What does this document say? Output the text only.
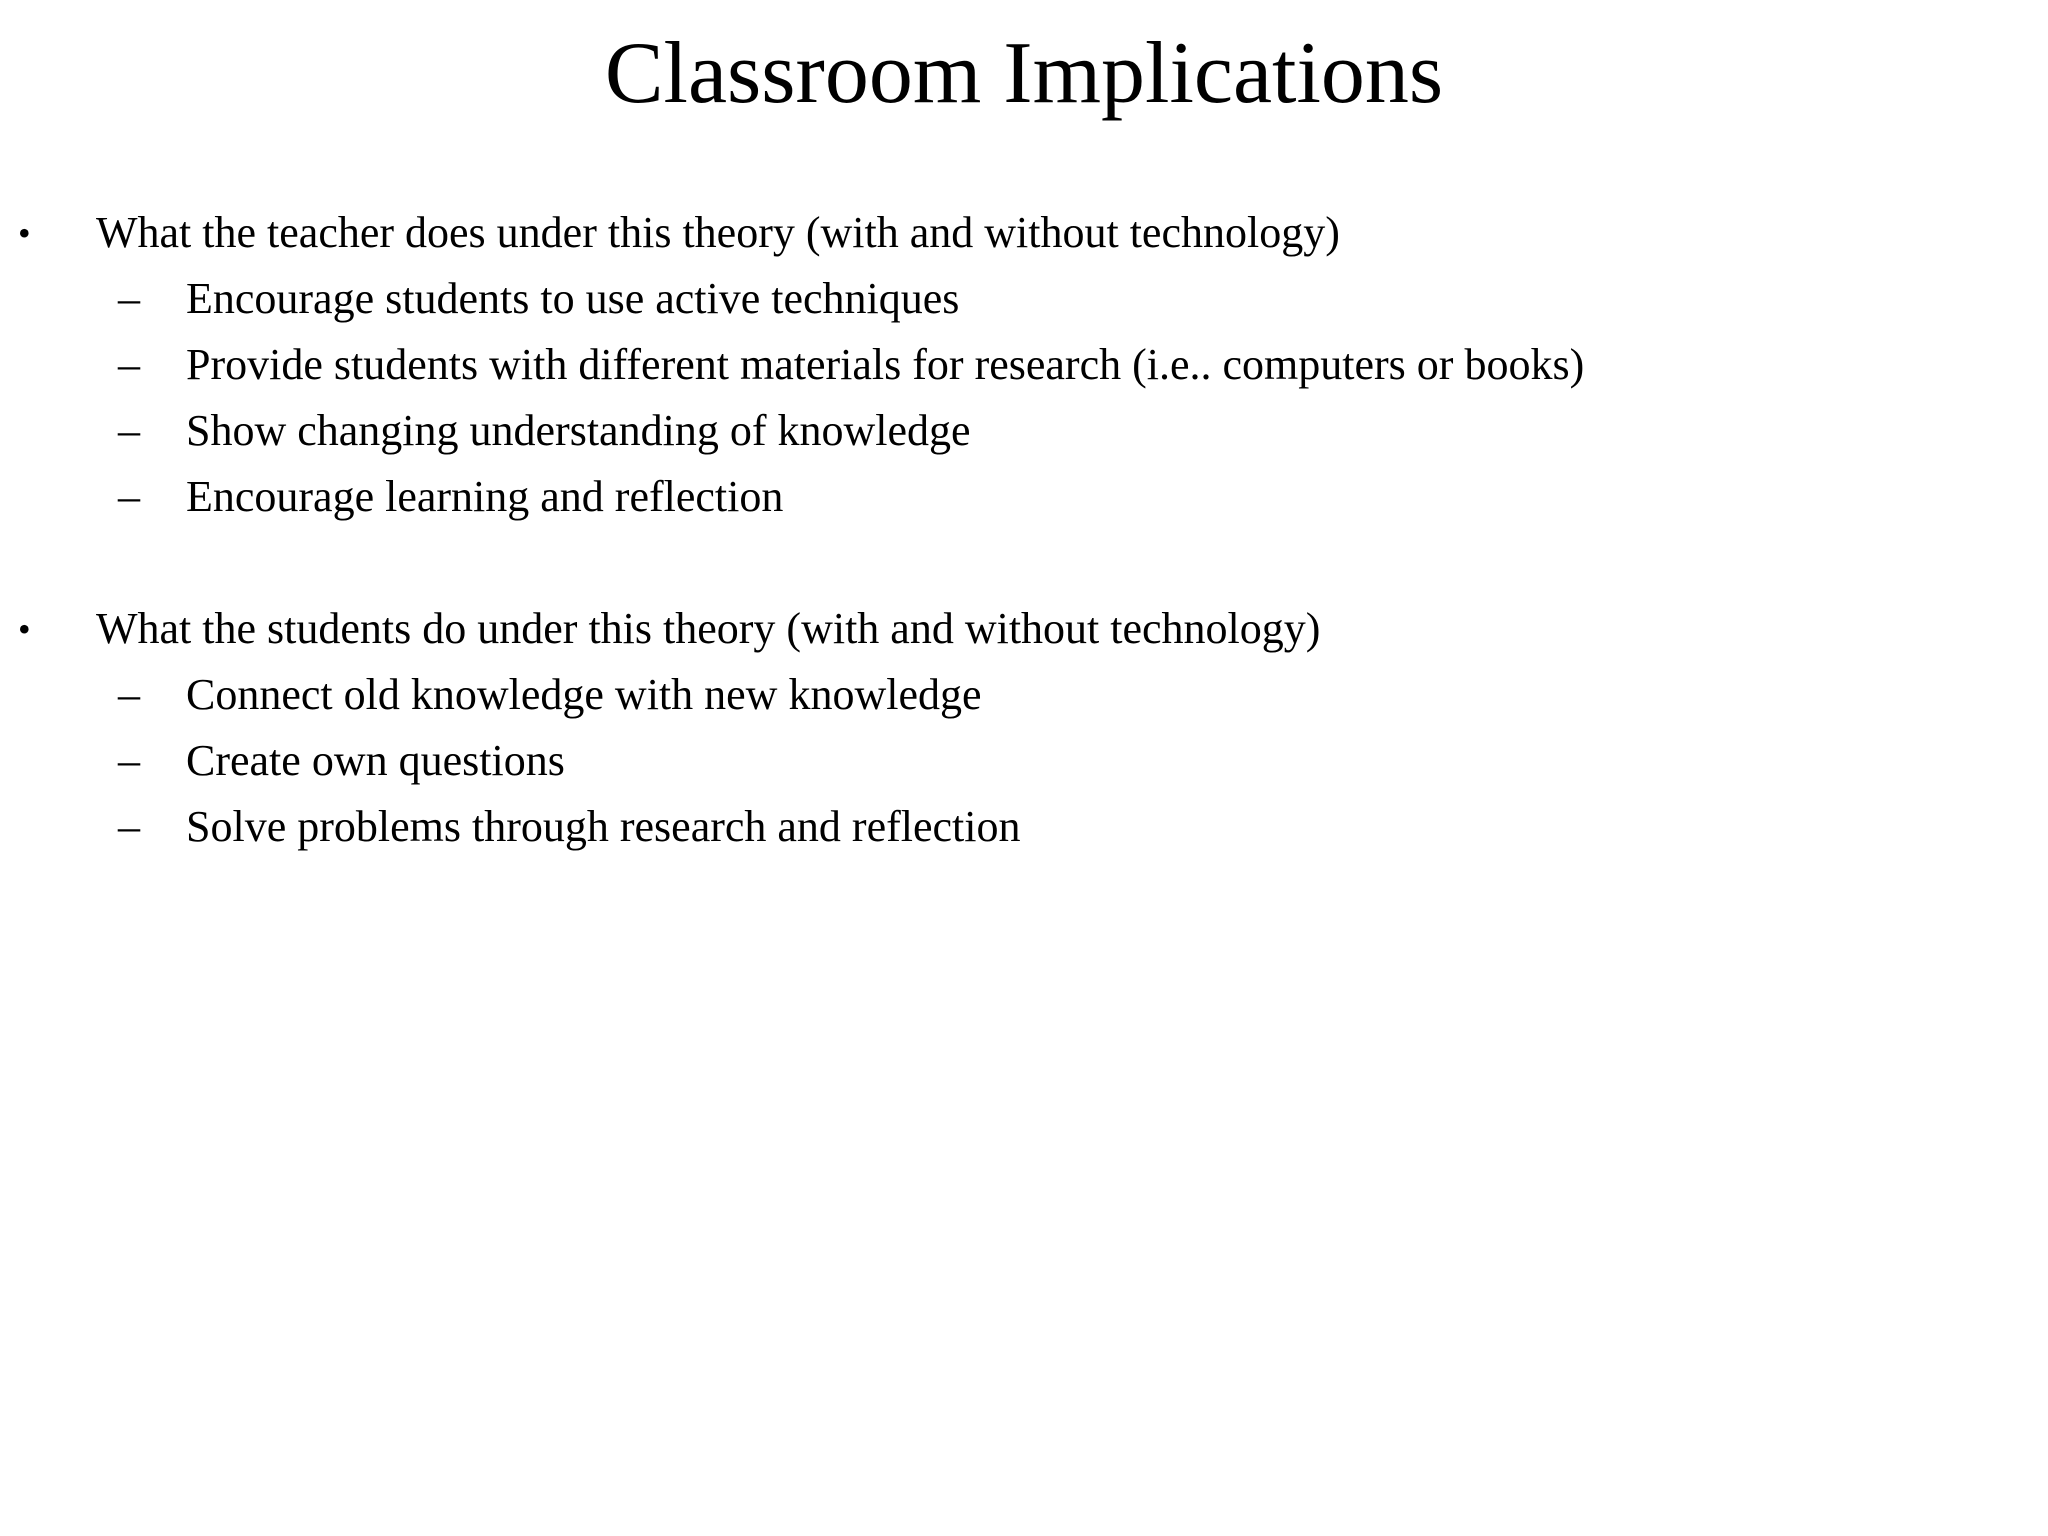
Classroom Implications
• What the teacher does under this theory (with and without technology)
– Encourage students to use active techniques
– Provide students with different materials for research (i.e.. computers or books)
– Show changing understanding of knowledge
– Encourage learning and reflection
• What the students do under this theory (with and without technology)
– Connect old knowledge with new knowledge
– Create own questions
– Solve problems through research and reflection
